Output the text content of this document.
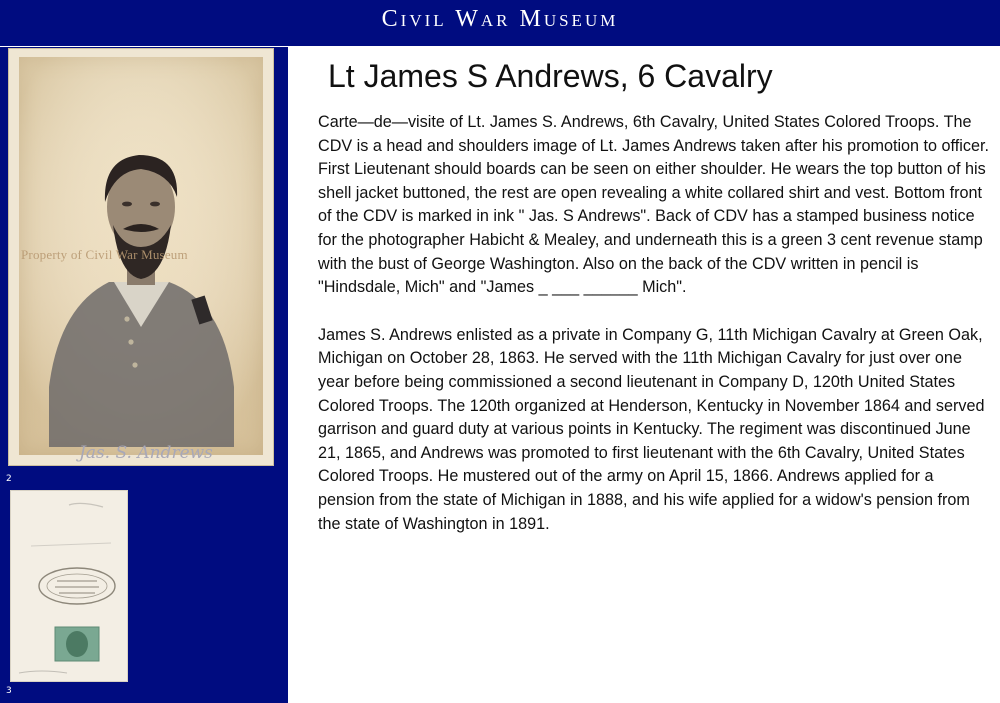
Civil War Museum
Property of Civil War Museum
Jas. S. Andrews
2
3
Lt James S Andrews, 6 Cavalry

Carte—de—visite of Lt. James S. Andrews, 6th Cavalry, United States Colored Troops. The CDV is a head and shoulders image of Lt. James Andrews taken after his promotion to officer. First Lieutenant should boards can be seen on either shoulder. He wears the top button of his shell jacket buttoned, the rest are open revealing a white collared shirt and vest. Bottom front of the CDV is marked in ink " Jas. S Andrews". Back of CDV has a stamped business notice for the photographer Habicht & Mealey, and underneath this is a green 3 cent revenue stamp with the bust of George Washington. Also on the back of the CDV written in pencil is "Hindsdale, Mich" and "James _ ___ ______ Mich".

James S. Andrews enlisted as a private in Company G, 11th Michigan Cavalry at Green Oak, Michigan on October 28, 1863. He served with the 11th Michigan Cavalry for just over one year before being commissioned a second lieutenant in Company D, 120th United States Colored Troops. The 120th organized at Henderson, Kentucky in November 1864 and served garrison and guard duty at various points in Kentucky. The regiment was discontinued June 21, 1865, and Andrews was promoted to first lieutenant with the 6th Cavalry, United States Colored Troops. He mustered out of the army on April 15, 1866. Andrews applied for a pension from the state of Michigan in 1888, and his wife applied for a widow's pension from the state of Washington in 1891.
